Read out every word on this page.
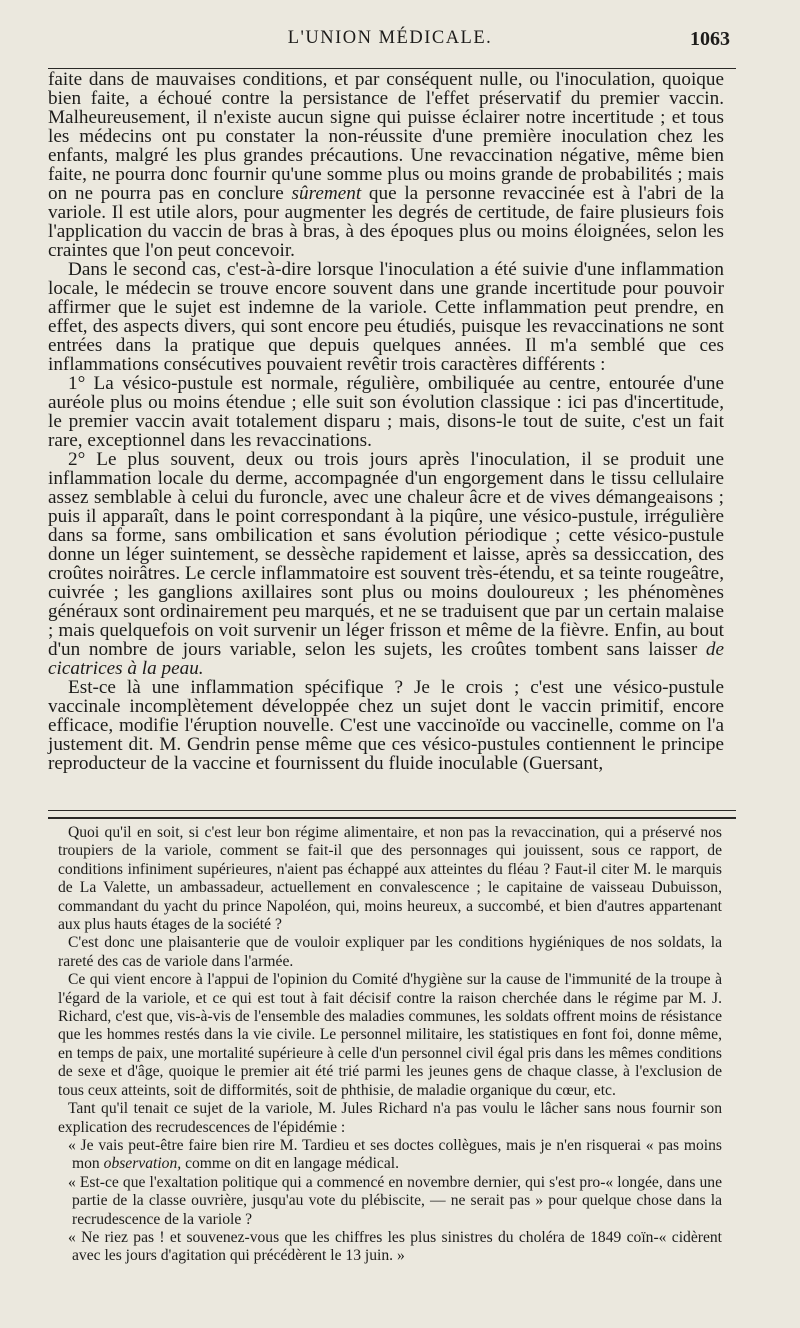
L'UNION MÉDICALE.	1063

faite dans de mauvaises conditions, et par conséquent nulle, ou l'inoculation, quoique bien faite, a échoué contre la persistance de l'effet préservatif du premier vaccin. Malheureusement, il n'existe aucun signe qui puisse éclairer notre incertitude ; et tous les médecins ont pu constater la non-réussite d'une première inoculation chez les enfants, malgré les plus grandes précautions. Une revaccination négative, même bien faite, ne pourra donc fournir qu'une somme plus ou moins grande de probabilités ; mais on ne pourra pas en conclure sûrement que la personne revaccinée est à l'abri de la variole. Il est utile alors, pour augmenter les degrés de certitude, de faire plusieurs fois l'application du vaccin de bras à bras, à des époques plus ou moins éloignées, selon les craintes que l'on peut concevoir.

Dans le second cas, c'est-à-dire lorsque l'inoculation a été suivie d'une inflammation locale, le médecin se trouve encore souvent dans une grande incertitude pour pouvoir affirmer que le sujet est indemne de la variole. Cette inflammation peut prendre, en effet, des aspects divers, qui sont encore peu étudiés, puisque les revaccinations ne sont entrées dans la pratique que depuis quelques années. Il m'a semblé que ces inflammations consécutives pouvaient revêtir trois caractères différents :

1° La vésico-pustule est normale, régulière, ombiliquée au centre, entourée d'une auréole plus ou moins étendue ; elle suit son évolution classique : ici pas d'incertitude, le premier vaccin avait totalement disparu ; mais, disons-le tout de suite, c'est un fait rare, exceptionnel dans les revaccinations.

2° Le plus souvent, deux ou trois jours après l'inoculation, il se produit une inflammation locale du derme, accompagnée d'un engorgement dans le tissu cellulaire assez semblable à celui du furoncle, avec une chaleur âcre et de vives démangeaisons ; puis il apparaît, dans le point correspondant à la piqûre, une vésico-pustule, irrégulière dans sa forme, sans ombilication et sans évolution périodique ; cette vésico-pustule donne un léger suintement, se dessèche rapidement et laisse, après sa dessiccation, des croûtes noirâtres. Le cercle inflammatoire est souvent très-étendu, et sa teinte rougeâtre, cuivrée ; les ganglions axillaires sont plus ou moins douloureux ; les phénomènes généraux sont ordinairement peu marqués, et ne se traduisent que par un certain malaise ; mais quelquefois on voit survenir un léger frisson et même de la fièvre. Enfin, au bout d'un nombre de jours variable, selon les sujets, les croûtes tombent sans laisser de cicatrices à la peau.

Est-ce là une inflammation spécifique ? Je le crois ; c'est une vésico-pustule vaccinale incomplètement développée chez un sujet dont le vaccin primitif, encore efficace, modifie l'éruption nouvelle. C'est une vaccinoïde ou vaccinelle, comme on l'a justement dit. M. Gendrin pense même que ces vésico-pustules contiennent le principe reproducteur de la vaccine et fournissent du fluide inoculable (Guersant,

Quoi qu'il en soit, si c'est leur bon régime alimentaire, et non pas la revaccination, qui a préservé nos troupiers de la variole, comment se fait-il que des personnages qui jouissent, sous ce rapport, de conditions infiniment supérieures, n'aient pas échappé aux atteintes du fléau ? Faut-il citer M. le marquis de La Valette, un ambassadeur, actuellement en convalescence ; le capitaine de vaisseau Dubuisson, commandant du yacht du prince Napoléon, qui, moins heureux, a succombé, et bien d'autres appartenant aux plus hauts étages de la société ?

C'est donc une plaisanterie que de vouloir expliquer par les conditions hygiéniques de nos soldats, la rareté des cas de variole dans l'armée.

Ce qui vient encore à l'appui de l'opinion du Comité d'hygiène sur la cause de l'immunité de la troupe à l'égard de la variole, et ce qui est tout à fait décisif contre la raison cherchée dans le régime par M. J. Richard, c'est que, vis-à-vis de l'ensemble des maladies communes, les soldats offrent moins de résistance que les hommes restés dans la vie civile. Le personnel militaire, les statistiques en font foi, donne même, en temps de paix, une mortalité supérieure à celle d'un personnel civil égal pris dans les mêmes conditions de sexe et d'âge, quoique le premier ait été trié parmi les jeunes gens de chaque classe, à l'exclusion de tous ceux atteints, soit de difformités, soit de phthisie, de maladie organique du cœur, etc.

Tant qu'il tenait ce sujet de la variole, M. Jules Richard n'a pas voulu le lâcher sans nous fournir son explication des recrudescences de l'épidémie :

« Je vais peut-être faire bien rire M. Tardieu et ses doctes collègues, mais je n'en risquerai « pas moins mon observation, comme on dit en langage médical.

« Est-ce que l'exaltation politique qui a commencé en novembre dernier, qui s'est pro-« longée, dans une partie de la classe ouvrière, jusqu'au vote du plébiscite, — ne serait pas » pour quelque chose dans la recrudescence de la variole ?

« Ne riez pas ! et souvenez-vous que les chiffres les plus sinistres du choléra de 1849 coïn-« cidèrent avec les jours d'agitation qui précédèrent le 13 juin. »
